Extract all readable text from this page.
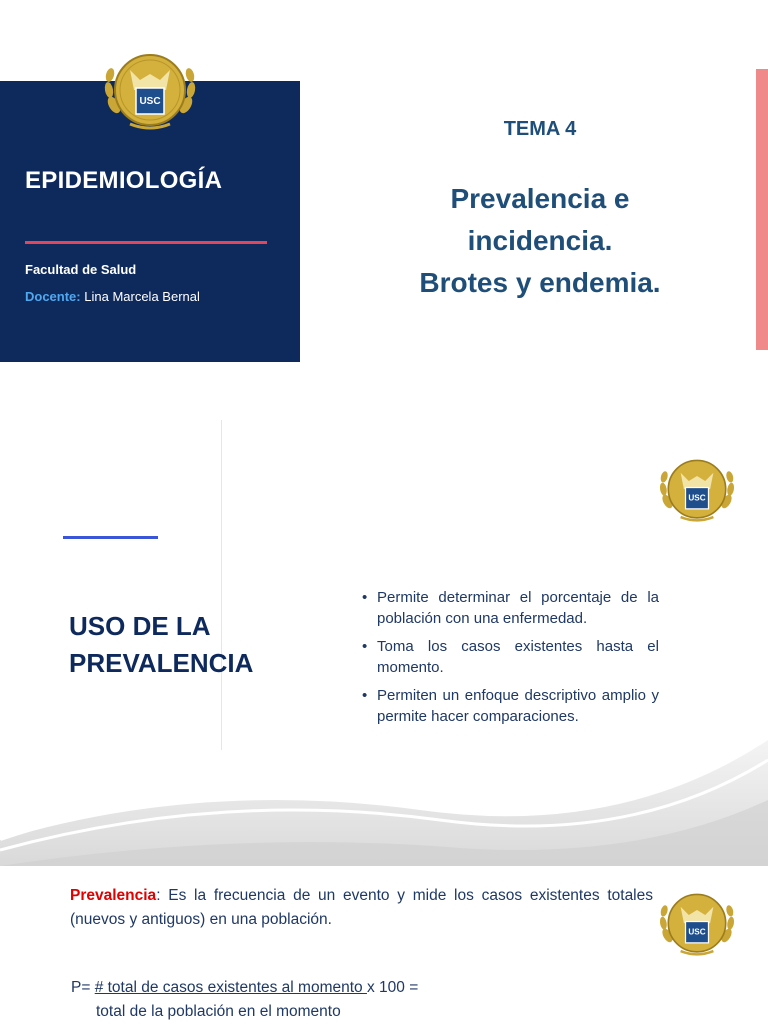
EPIDEMIOLOGÍA
Facultad de Salud
Docente: Lina Marcela Bernal
USC
TEMA 4
Prevalencia e
incidencia.
Brotes y endemia.
USC
USO DE LA
PREVALENCIA
• Permite determinar el porcentaje de la población con una enfermedad.
• Toma los casos existentes hasta el momento.
• Permiten un enfoque descriptivo amplio y permite hacer comparaciones.
Prevalencia: Es la frecuencia de un evento y mide los casos existentes totales (nuevos y antiguos) en una población.
USC
P= # total de casos existentes al momento x 100 =
total de la población en el momento
